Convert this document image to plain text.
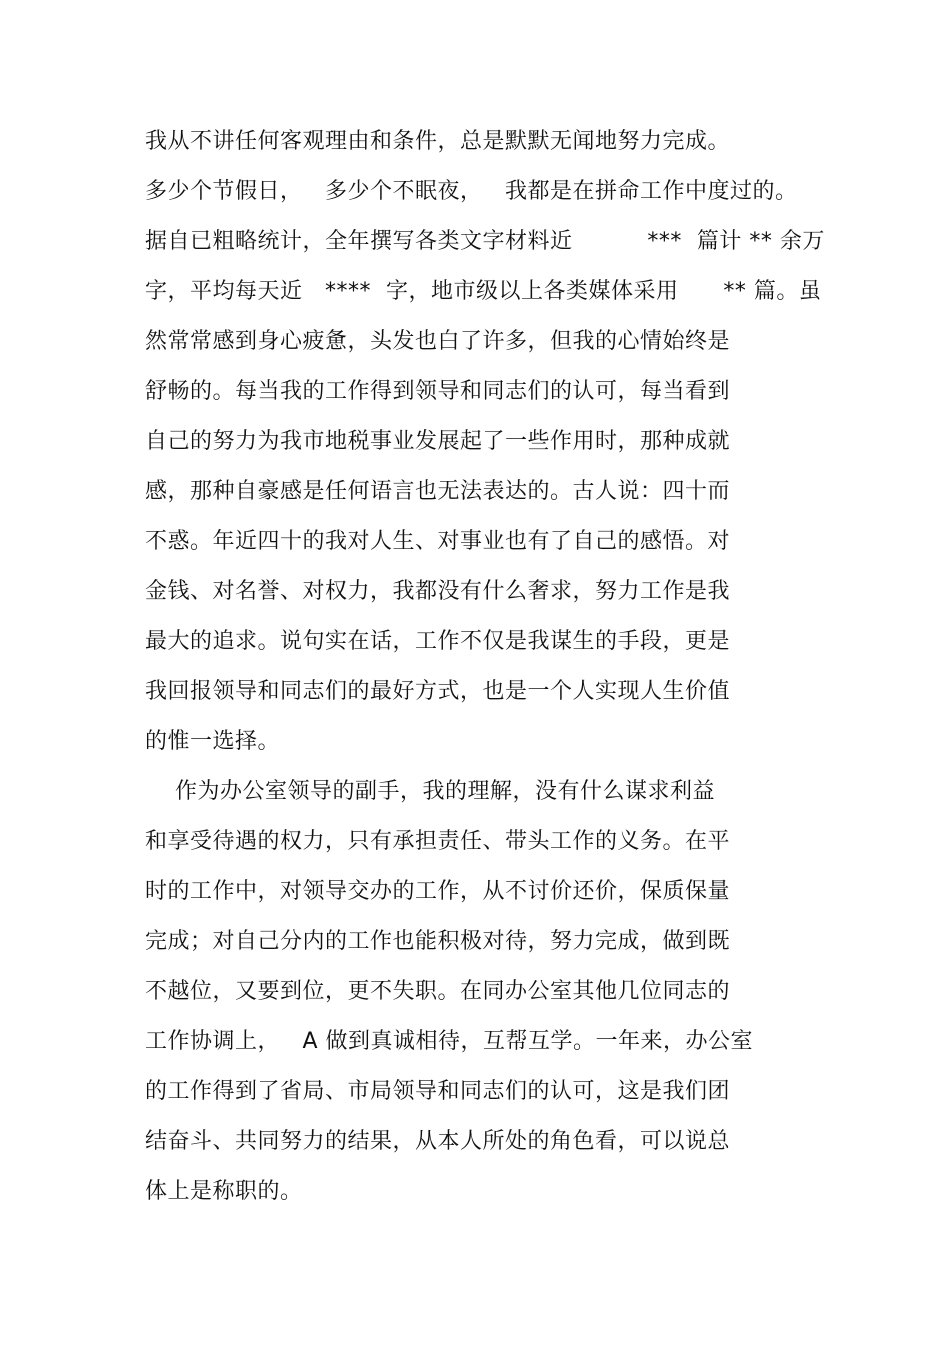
我从不讲任何客观理由和条件，总是默默无闻地努力完成。
多少个节假日，   多少个不眠夜，   我都是在拼命工作中度过的。
据自已粗略统计，全年撰写各类文字材料近          ***  篇计 ** 余万
字，平均每天近   ****  字，地市级以上各类媒体采用      ** 篇。虽
然常常感到身心疲惫，头发也白了许多，但我的心情始终是
舒畅的。每当我的工作得到领导和同志们的认可，每当看到
自己的努力为我市地税事业发展起了一些作用时，那种成就
感，那种自豪感是任何语言也无法表达的。古人说：四十而
不惑。年近四十的我对人生、对事业也有了自己的感悟。对
金钱、对名誉、对权力，我都没有什么奢求，努力工作是我
最大的追求。说句实在话，工作不仅是我谋生的手段，更是
我回报领导和同志们的最好方式，也是一个人实现人生价值
的惟一选择。
作为办公室领导的副手，我的理解，没有什么谋求利益
和享受待遇的权力，只有承担责任、带头工作的义务。在平
时的工作中，对领导交办的工作，从不讨价还价，保质保量
完成；对自己分内的工作也能积极对待，努力完成，做到既
不越位，又要到位，更不失职。在同办公室其他几位同志的
工作协调上，   A 做到真诚相待，互帮互学。一年来，办公室
的工作得到了省局、市局领导和同志们的认可，这是我们团
结奋斗、共同努力的结果，从本人所处的角色看，可以说总
体上是称职的。
